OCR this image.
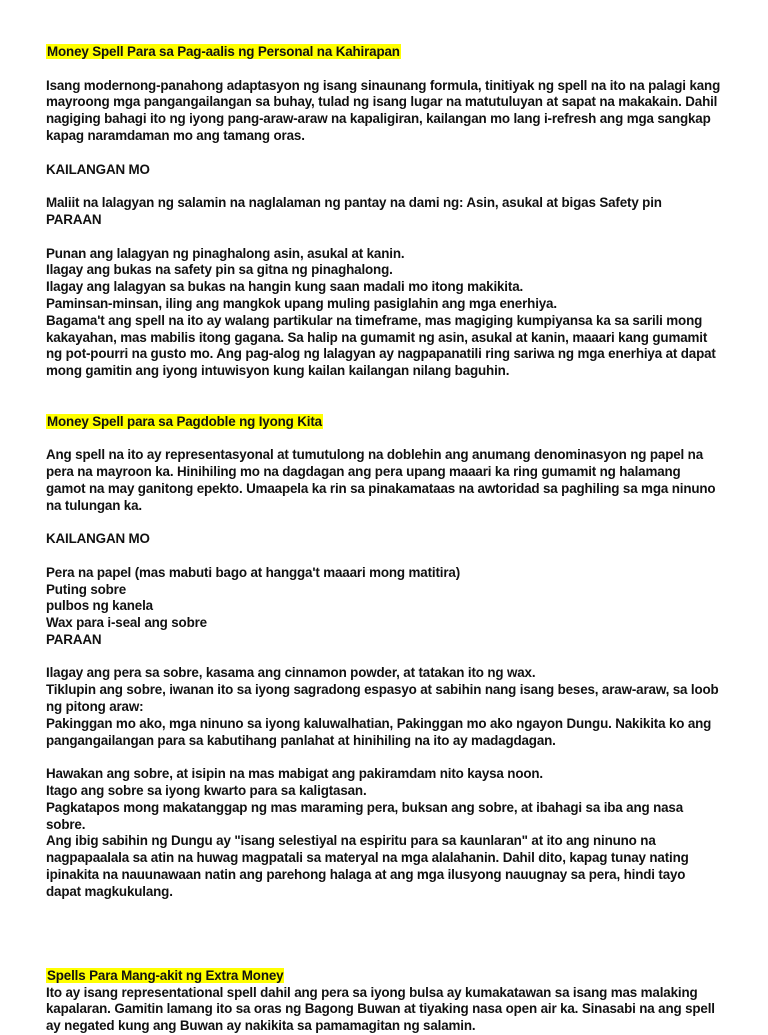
Money Spell Para sa Pag-aalis ng Personal na Kahirapan

Isang modernong-panahong adaptasyon ng isang sinaunang formula, tinitiyak ng spell na ito na palagi kang mayroong mga pangangailangan sa buhay, tulad ng isang lugar na matutuluyan at sapat na makakain. Dahil nagiging bahagi ito ng iyong pang-araw-araw na kapaligiran, kailangan mo lang i-refresh ang mga sangkap kapag naramdaman mo ang tamang oras.

KAILANGAN MO
Maliit na lalagyan ng salamin na naglalaman ng pantay na dami ng: Asin, asukal at bigas Safety pin
PARAAN
Punan ang lalagyan ng pinaghalong asin, asukal at kanin.
Ilagay ang bukas na safety pin sa gitna ng pinaghalong.
Ilagay ang lalagyan sa bukas na hangin kung saan madali mo itong makikita.
Paminsan-minsan, iling ang mangkok upang muling pasiglahin ang mga enerhiya.
Bagama't ang spell na ito ay walang partikular na timeframe, mas magiging kumpiyansa ka sa sarili mong kakayahan, mas mabilis itong gagana. Sa halip na gumamit ng asin, asukal at kanin, maaari kang gumamit ng pot-pourri na gusto mo. Ang pag-alog ng lalagyan ay nagpapanatili ring sariwa ng mga enerhiya at dapat mong gamitin ang iyong intuwisyon kung kailan kailangan nilang baguhin.
Money Spell para sa Pagdoble ng Iyong Kita

Ang spell na ito ay representasyonal at tumutulong na doblehin ang anumang denominasyon ng papel na pera na mayroon ka. Hinihiling mo na dagdagan ang pera upang maaari ka ring gumamit ng halamang gamot na may ganitong epekto. Umaapela ka rin sa pinakamataas na awtoridad sa paghiling sa mga ninuno na tulungan ka.

KAILANGAN MO
Pera na papel (mas mabuti bago at hangga't maaari mong matitira)
Puting sobre
pulbos ng kanela
Wax para i-seal ang sobre
PARAAN
Ilagay ang pera sa sobre, kasama ang cinnamon powder, at tatakan ito ng wax.
Tiklupin ang sobre, iwanan ito sa iyong sagradong espasyo at sabihin nang isang beses, araw-araw, sa loob ng pitong araw:
Pakinggan mo ako, mga ninuno sa iyong kaluwalhatian, Pakinggan mo ako ngayon Dungu. Nakikita ko ang pangangailangan para sa kabutihang panlahat at hinihiling na ito ay madagdagan.
Hawakan ang sobre, at isipin na mas mabigat ang pakiramdam nito kaysa noon.
Itago ang sobre sa iyong kwarto para sa kaligtasan.
Pagkatapos mong makatanggap ng mas maraming pera, buksan ang sobre, at ibahagi sa iba ang nasa sobre.
Ang ibig sabihin ng Dungu ay "isang selestiyal na espiritu para sa kaunlaran" at ito ang ninuno na nagpapaalala sa atin na huwag magpatali sa materyal na mga alalahanin. Dahil dito, kapag tunay nating ipinakita na nauunawaan natin ang parehong halaga at ang mga ilusyong nauugnay sa pera, hindi tayo dapat magkukulang.
Spells Para Mang-akit ng Extra Money

Ito ay isang representational spell dahil ang pera sa iyong bulsa ay kumakatawan sa isang mas malaking kapalaran. Gamitin lamang ito sa oras ng Bagong Buwan at tiyaking nasa open air ka. Sinasabi na ang spell ay negated kung ang Buwan ay nakikita sa pamamagitan ng salamin.
